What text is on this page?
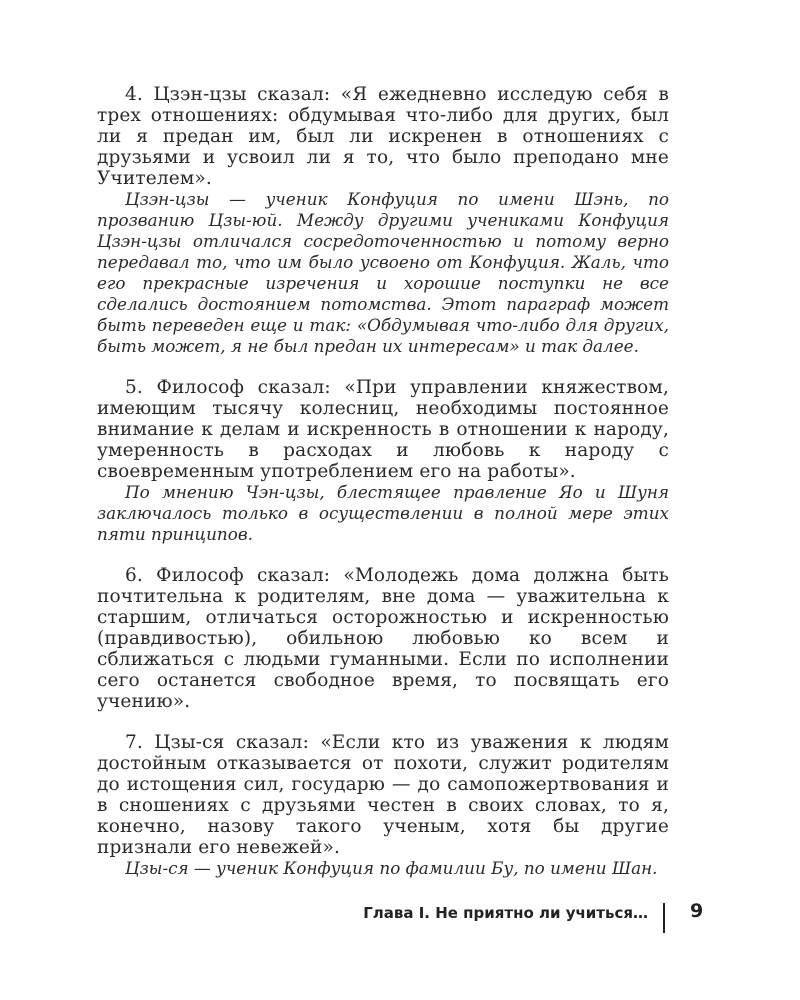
4. Цзэн-цзы сказал: «Я ежедневно исследую себя в трех отношениях: обдумывая что-либо для других, был ли я предан им, был ли искренен в отношениях с друзьями и усвоил ли я то, что было преподано мне Учителем».

Цзэн-цзы — ученик Конфуция по имени Шэнь, по прозванию Цзы-юй. Между другими учениками Конфуция Цзэн-цзы отличался сосредоточенностью и потому верно передавал то, что им было усвоено от Конфуция. Жаль, что его прекрасные изречения и хорошие поступки не все сделались достоянием потомства. Этот параграф может быть переведен еще и так: «Обдумывая что-либо для других, быть может, я не был предан их интересам» и так далее.

5. Философ сказал: «При управлении княжеством, имеющим тысячу колесниц, необходимы постоянное внимание к делам и искренность в отношении к народу, умеренность в расходах и любовь к народу с своевременным употреблением его на работы».

По мнению Чэн-цзы, блестящее правление Яо и Шуня заключалось только в осуществлении в полной мере этих пяти принципов.

6. Философ сказал: «Молодежь дома должна быть почтительна к родителям, вне дома — уважительна к старшим, отличаться осторожностью и искренностью (правдивостью), обильною любовью ко всем и сближаться с людьми гуманными. Если по исполнении сего останется свободное время, то посвящать его учению».

7. Цзы-ся сказал: «Если кто из уважения к людям достойным отказывается от похоти, служит родителям до истощения сил, государю — до самопожертвования и в сношениях с друзьями честен в своих словах, то я, конечно, назову такого ученым, хотя бы другие признали его невежей».

Цзы-ся — ученик Конфуция по фамилии Бу, по имени Шан.

Глава I. Не приятно ли учиться… 9
